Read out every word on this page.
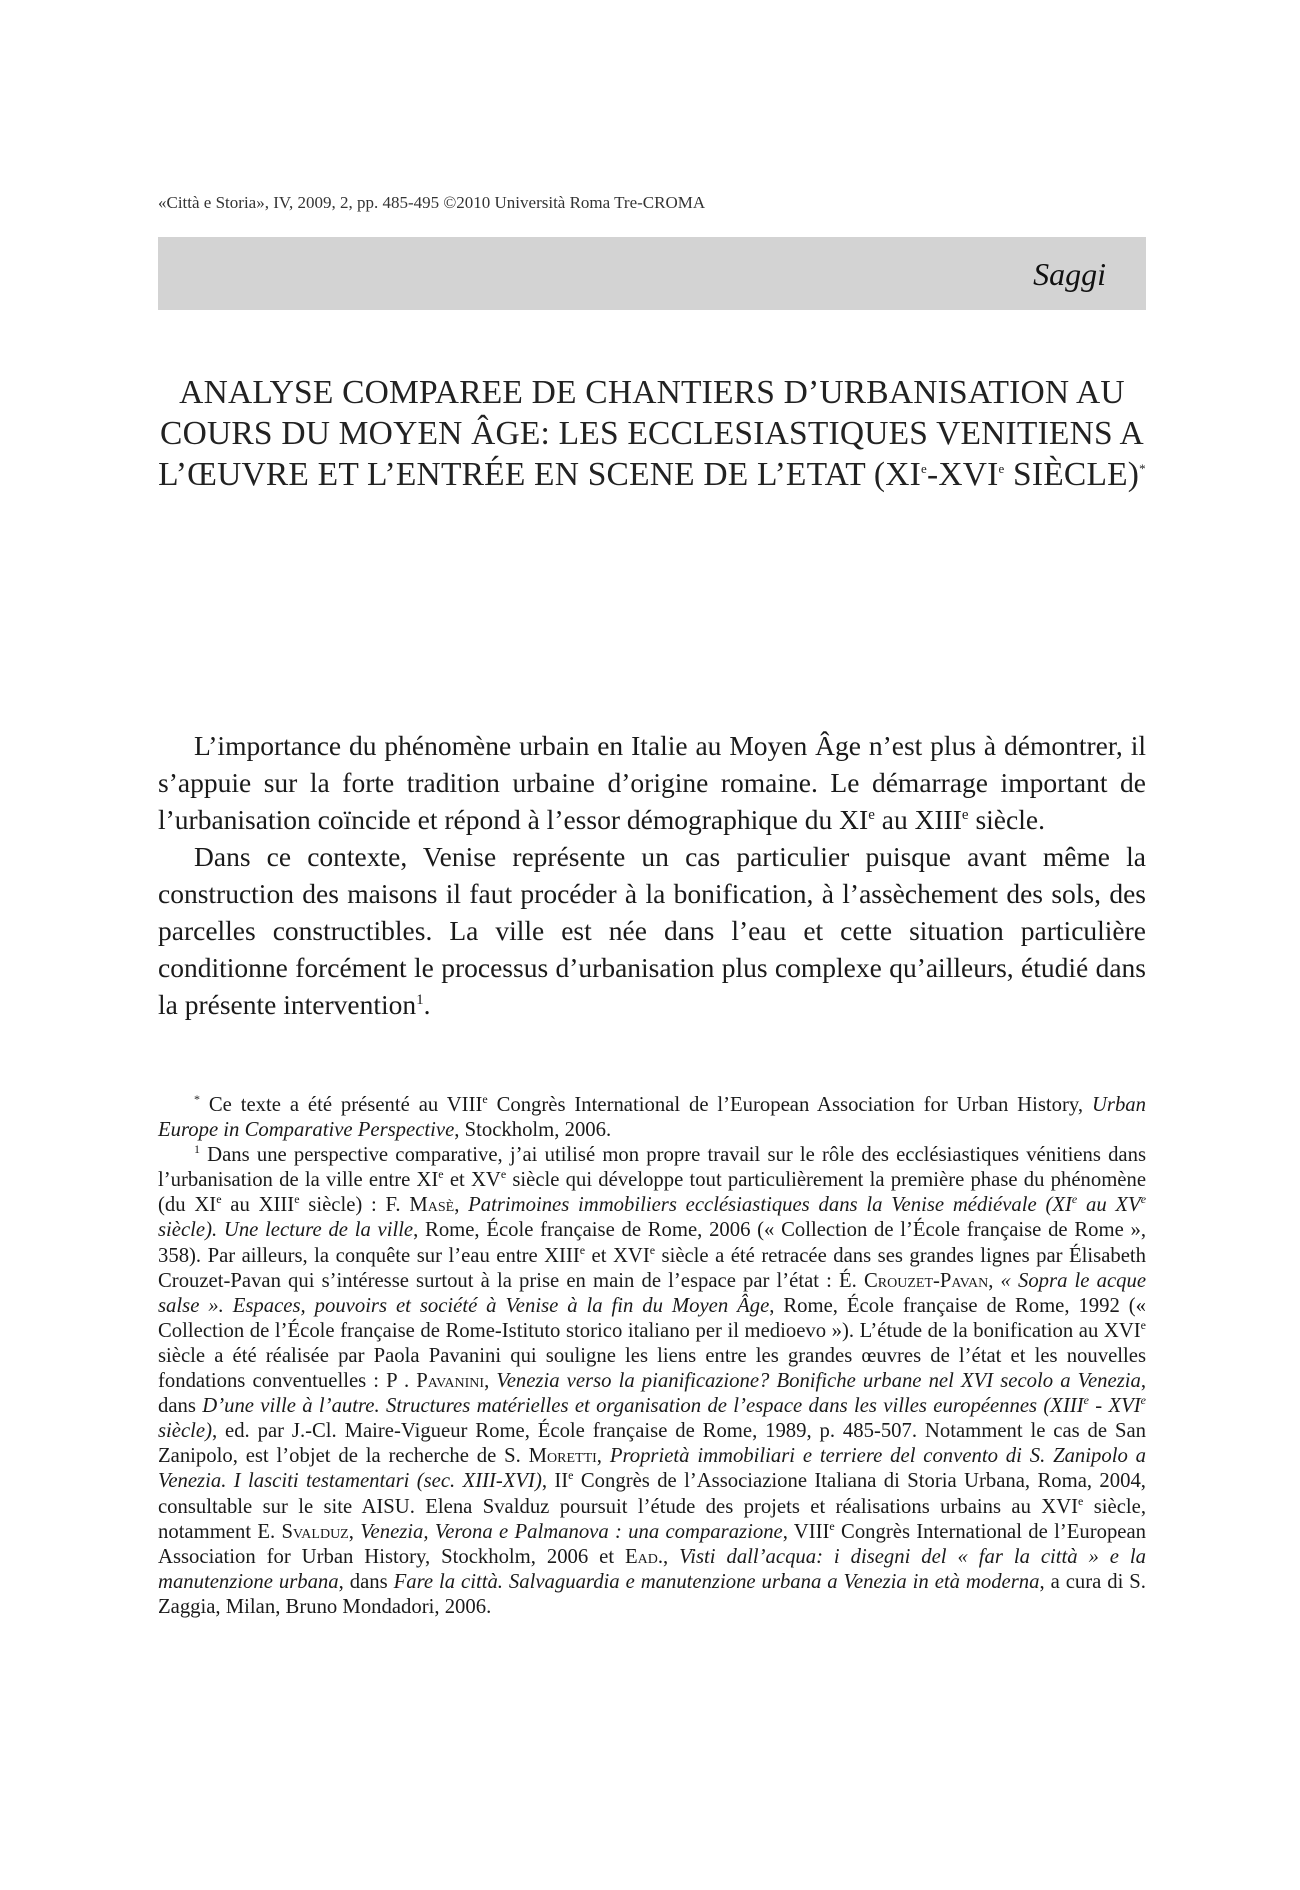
«Città e Storia», IV, 2009, 2, pp. 485-495 ©2010 Università Roma Tre-CROMA
Saggi
ANALYSE COMPAREE DE CHANTIERS D’URBANISATION AU COURS DU MOYEN ÂGE: LES ECCLESIASTIQUES VENITIENS A L’ŒUVRE ET L’ENTRÉE EN SCENE DE L’ETAT (XIe-XVIe SIÈCLE)*

L’importance du phénomène urbain en Italie au Moyen Âge n’est plus à démontrer, il s’appuie sur la forte tradition urbaine d’origine romaine. Le démarrage important de l’urbanisation coïncide et répond à l’essor démographique du XIe au XIIIe siècle.

Dans ce contexte, Venise représente un cas particulier puisque avant même la construction des maisons il faut procéder à la bonification, à l’assèchement des sols, des parcelles constructibles. La ville est née dans l’eau et cette situation particulière conditionne forcément le processus d’urbanisation plus complexe qu’ailleurs, étudié dans la présente intervention$^1$.

* Ce texte a été présenté au VIIIe Congrès International de l’European Association for Urban History, Urban Europe in Comparative Perspective, Stockholm, 2006.

$^1$ Dans une perspective comparative, j’ai utilisé mon propre travail sur le rôle des ecclésiastiques vénitiens dans l’urbanisation de la ville entre XIe et XVe siècle qui développe tout particulièrement la première phase du phénomène (du XIe au XIIIe siècle) : F. Masè, Patrimoines immobiliers ecclésiastiques dans la Venise médiévale (XIe au XVe siècle). Une lecture de la ville, Rome, École française de Rome, 2006 (« Collection de l’École française de Rome », 358). Par ailleurs, la conquête sur l’eau entre XIIIe et XVIe siècle a été retracée dans ses grandes lignes par Élisabeth Crouzet-Pavan qui s’intéresse surtout à la prise en main de l’espace par l’état : É. Crouzet-Pavan, « Sopra le acque salse ». Espaces, pouvoirs et société à Venise à la fin du Moyen Âge, Rome, École française de Rome, 1992 (« Collection de l’École française de Rome-Istituto storico italiano per il medioevo »). L’étude de la bonification au XVIe siècle a été réalisée par Paola Pavanini qui souligne les liens entre les grandes œuvres de l’état et les nouvelles fondations conventuelles : P . Pavanini, Venezia verso la pianificazione? Bonifiche urbane nel XVI secolo a Venezia, dans D’une ville à l’autre. Structures matérielles et organisation de l’espace dans les villes européennes (XIIIe - XVIe siècle), ed. par J.-Cl. Maire-Vigueur Rome, École française de Rome, 1989, p. 485-507. Notamment le cas de San Zanipolo, est l’objet de la recherche de S. Moretti, Proprietà immobiliari e terriere del convento di S. Zanipolo a Venezia. I lasciti testamentari (sec. XIII-XVI), IIe Congrès de l’Associazione Italiana di Storia Urbana, Roma, 2004, consultable sur le site AISU. Elena Svalduz poursuit l’étude des projets et réalisations urbains au XVIe siècle, notamment E. Svalduz, Venezia, Verona e Palmanova : una comparazione, VIIIe Congrès International de l’European Association for Urban History, Stockholm, 2006 et Ead., Visti dall’acqua: i disegni del « far la città » e la manutenzione urbana, dans Fare la città. Salvaguardia e manutenzione urbana a Venezia in età moderna, a cura di S. Zaggia, Milan, Bruno Mondadori, 2006.
